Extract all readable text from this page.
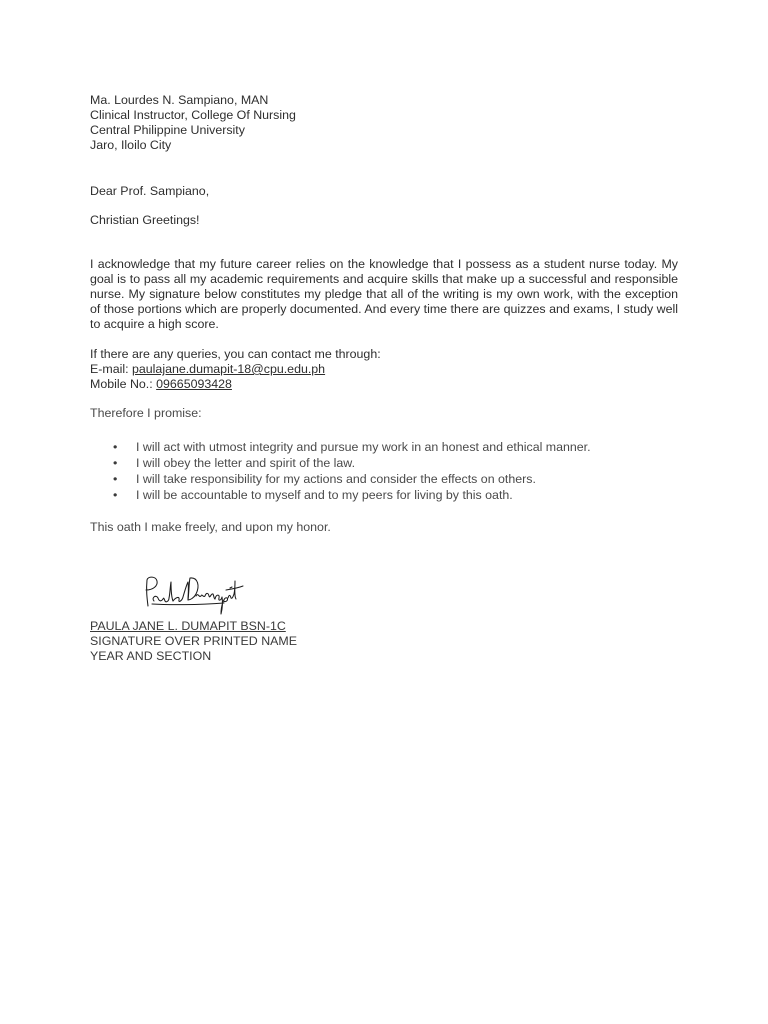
Ma. Lourdes N. Sampiano, MAN
Clinical Instructor, College Of Nursing
Central Philippine University
Jaro, Iloilo City
Dear Prof. Sampiano,
Christian Greetings!
I acknowledge that my future career relies on the knowledge that I possess as a student nurse today. My goal is to pass all my academic requirements and acquire skills that make up a successful and responsible nurse. My signature below constitutes my pledge that all of the writing is my own work, with the exception of those portions which are properly documented. And every time there are quizzes and exams, I study well to acquire a high score.
If there are any queries, you can contact me through:
E-mail: paulajane.dumapit-18@cpu.edu.ph
Mobile No.: 09665093428
Therefore I promise:
• I will act with utmost integrity and pursue my work in an honest and ethical manner.
• I will obey the letter and spirit of the law.
• I will take responsibility for my actions and consider the effects on others.
• I will be accountable to myself and to my peers for living by this oath.
This oath I make freely, and upon my honor.
PAULA JANE L. DUMAPIT BSN-1C
SIGNATURE OVER PRINTED NAME
YEAR AND SECTION
